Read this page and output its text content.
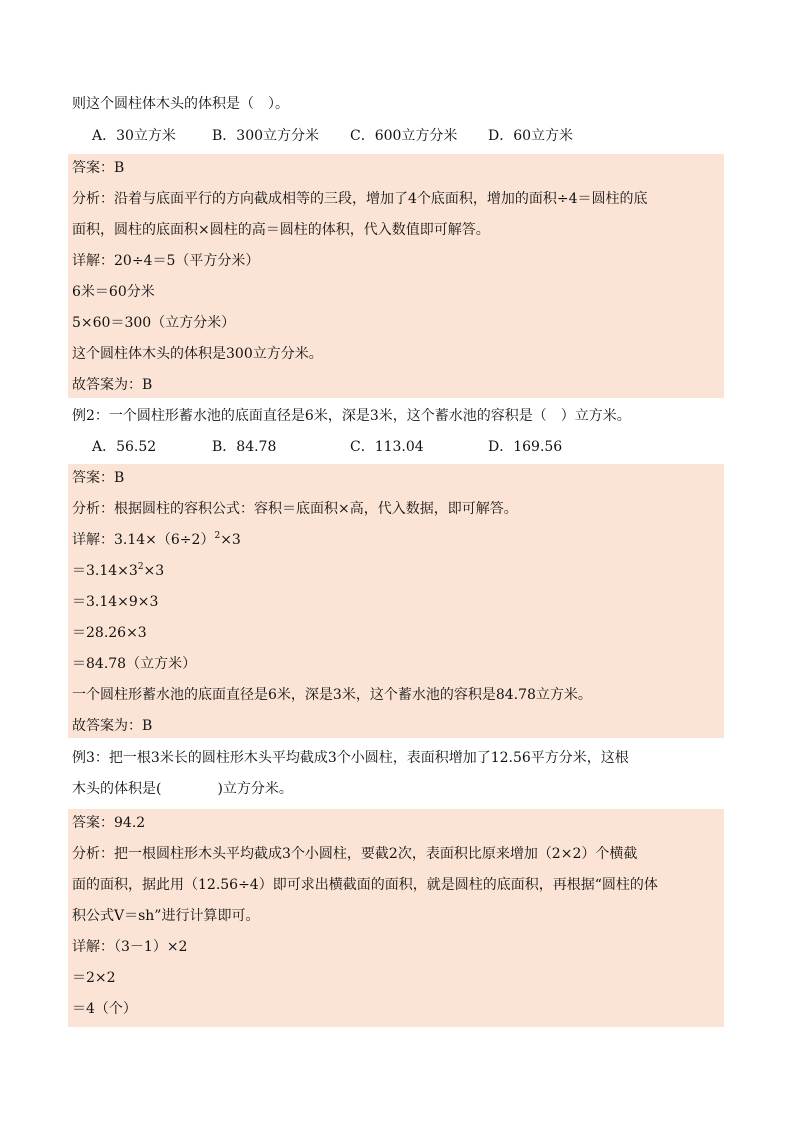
则这个圆柱体木头的体积是（　）。
A．30立方米	B．300立方分米 C．600立方分米 D．60立方米
答案：B
分析：沿着与底面平行的方向截成相等的三段，增加了4个底面积，增加的面积÷4＝圆柱的底
面积，圆柱的底面积×圆柱的高＝圆柱的体积，代入数值即可解答。
详解：20÷4＝5（平方分米）
6米＝60分米
5×60＝300（立方分米）
这个圆柱体木头的体积是300立方分米。
故答案为：B
例2：一个圆柱形蓄水池的底面直径是6米，深是3米，这个蓄水池的容积是（　）立方米。
A．56.52	B．84.78	C．113.04	D．169.56
答案：B
分析：根据圆柱的容积公式：容积＝底面积×高，代入数据，即可解答。
详解：$3.14\times(6\div 2)^2\times 3$
$=3.14\times 3^2\times 3$
＝3.14×9×3
＝28.26×3
＝84.78（立方米）
一个圆柱形蓄水池的底面直径是6米，深是3米，这个蓄水池的容积是84.78立方米。
故答案为：B
例3：把一根3米长的圆柱形木头平均截成3个小圆柱，表面积增加了12.56平方分米，这根
木头的体积是(　　　　)立方分米。
答案：94.2
分析：把一根圆柱形木头平均截成3个小圆柱，要截2次，表面积比原来增加（2×2）个横截
面的面积，据此用（12.56÷4）即可求出横截面的面积，就是圆柱的底面积，再根据“圆柱的体
积公式V＝sh”进行计算即可。
详解：（3－1）×2
＝2×2
＝4（个）
